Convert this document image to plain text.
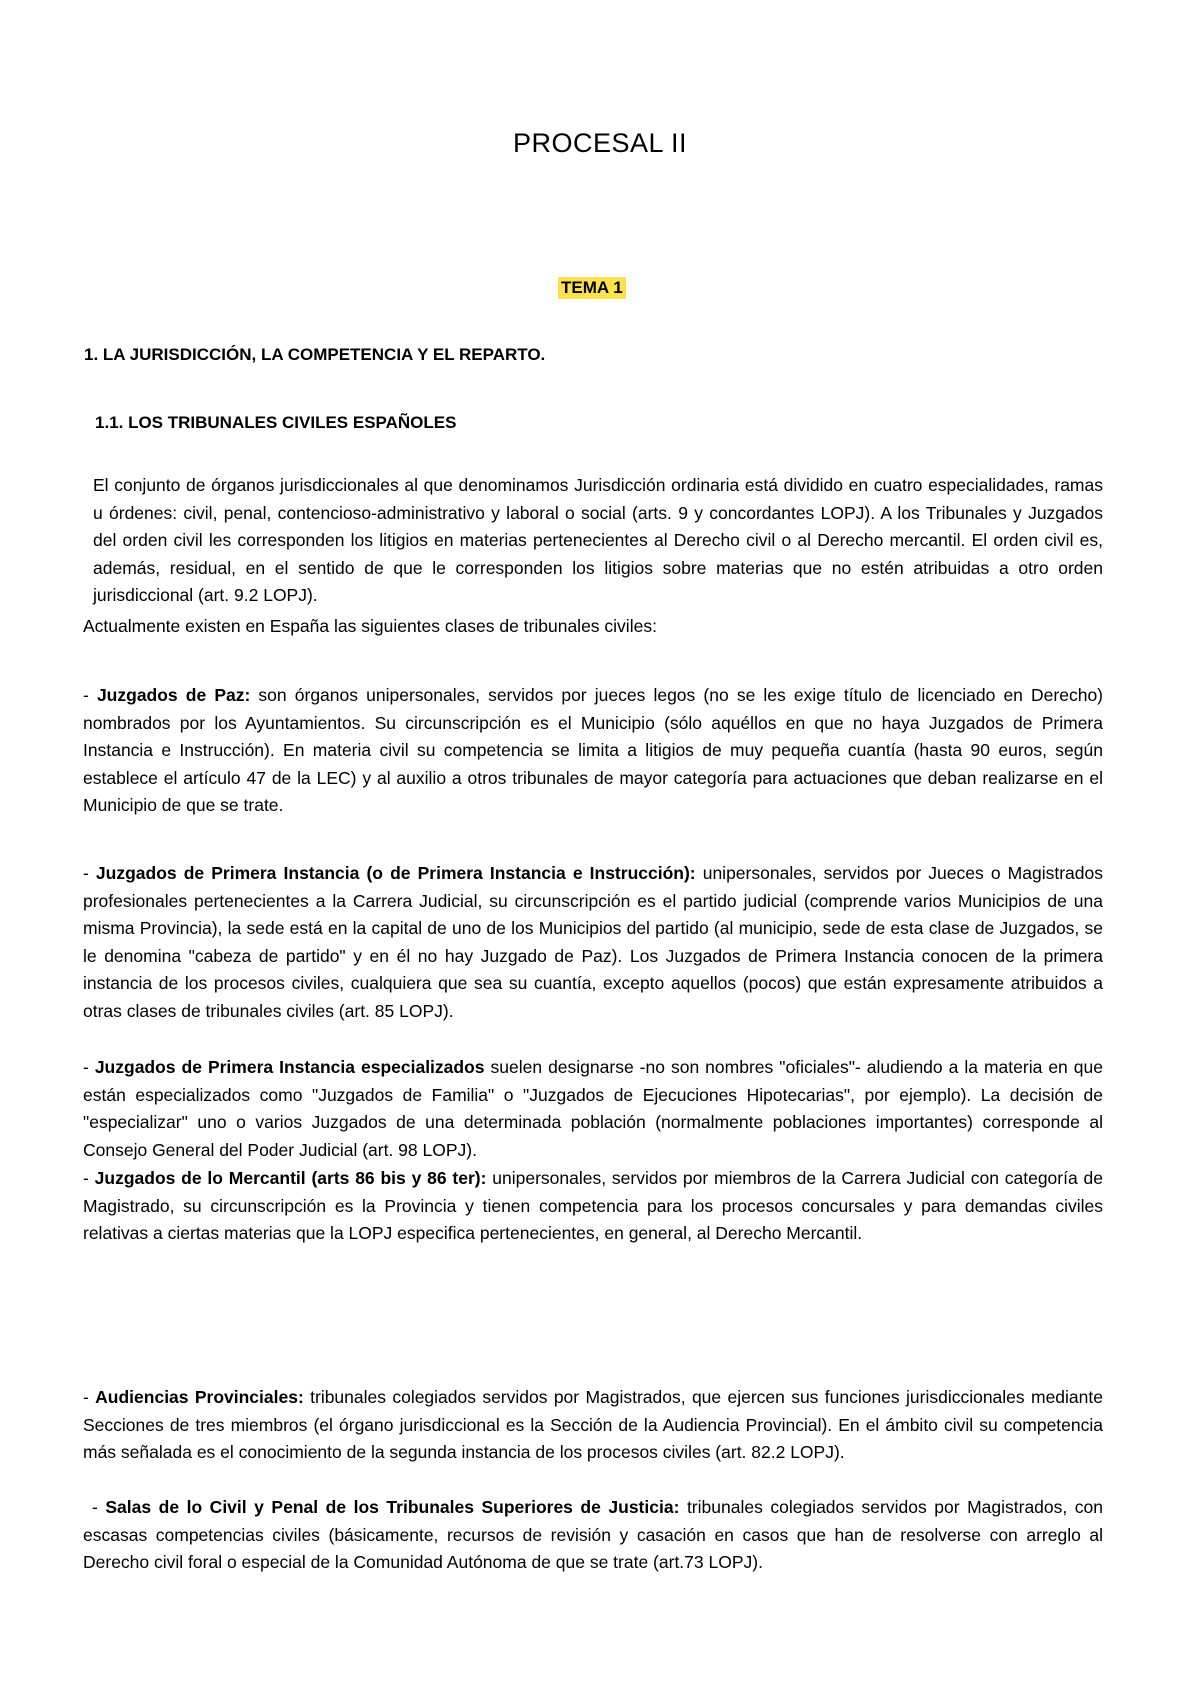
PROCESAL II
TEMA 1
1. LA JURISDICCIÓN, LA COMPETENCIA Y EL REPARTO.
1.1. LOS TRIBUNALES CIVILES ESPAÑOLES
El conjunto de órganos jurisdiccionales al que denominamos Jurisdicción ordinaria está dividido en cuatro especialidades, ramas u órdenes: civil, penal, contencioso-administrativo y laboral o social (arts. 9 y concordantes LOPJ). A los Tribunales y Juzgados del orden civil les corresponden los litigios en materias pertenecientes al Derecho civil o al Derecho mercantil. El orden civil es, además, residual, en el sentido de que le corresponden los litigios sobre materias que no estén atribuidas a otro orden jurisdiccional (art. 9.2 LOPJ).
Actualmente existen en España las siguientes clases de tribunales civiles:
- Juzgados de Paz: son órganos unipersonales, servidos por jueces legos (no se les exige título de licenciado en Derecho) nombrados por los Ayuntamientos. Su circunscripción es el Municipio (sólo aquéllos en que no haya Juzgados de Primera Instancia e Instrucción). En materia civil su competencia se limita a litigios de muy pequeña cuantía (hasta 90 euros, según establece el artículo 47 de la LEC) y al auxilio a otros tribunales de mayor categoría para actuaciones que deban realizarse en el Municipio de que se trate.
- Juzgados de Primera Instancia (o de Primera Instancia e Instrucción): unipersonales, servidos por Jueces o Magistrados profesionales pertenecientes a la Carrera Judicial, su circunscripción es el partido judicial (comprende varios Municipios de una misma Provincia), la sede está en la capital de uno de los Municipios del partido (al municipio, sede de esta clase de Juzgados, se le denomina "cabeza de partido" y en él no hay Juzgado de Paz). Los Juzgados de Primera Instancia conocen de la primera instancia de los procesos civiles, cualquiera que sea su cuantía, excepto aquellos (pocos) que están expresamente atribuidos a otras clases de tribunales civiles (art. 85 LOPJ).
- Juzgados de Primera Instancia especializados suelen designarse -no son nombres "oficiales"- aludiendo a la materia en que están especializados como "Juzgados de Familia" o "Juzgados de Ejecuciones Hipotecarias", por ejemplo). La decisión de "especializar" uno o varios Juzgados de una determinada población (normalmente poblaciones importantes) corresponde al Consejo General del Poder Judicial (art. 98 LOPJ).
- Juzgados de lo Mercantil (arts 86 bis y 86 ter): unipersonales, servidos por miembros de la Carrera Judicial con categoría de Magistrado, su circunscripción es la Provincia y tienen competencia para los procesos concursales y para demandas civiles relativas a ciertas materias que la LOPJ especifica pertenecientes, en general, al Derecho Mercantil.
- Audiencias Provinciales: tribunales colegiados servidos por Magistrados, que ejercen sus funciones jurisdiccionales mediante Secciones de tres miembros (el órgano jurisdiccional es la Sección de la Audiencia Provincial). En el ámbito civil su competencia más señalada es el conocimiento de la segunda instancia de los procesos civiles (art. 82.2 LOPJ).
- Salas de lo Civil y Penal de los Tribunales Superiores de Justicia: tribunales colegiados servidos por Magistrados, con escasas competencias civiles (básicamente, recursos de revisión y casación en casos que han de resolverse con arreglo al Derecho civil foral o especial de la Comunidad Autónoma de que se trate (art.73 LOPJ).
